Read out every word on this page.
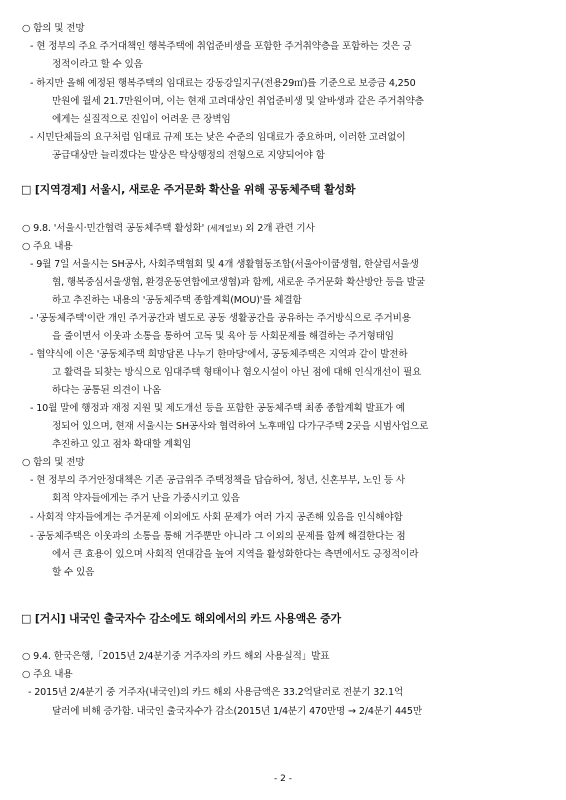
○ 함의 및 전망
- 현 정부의 주요 주거대책인 행복주택에 취업준비생을 포함한 주거취약층을 포함하는 것은 긍
정적이라고 할 수 있음
- 하지만 올해 예정된 행복주택의 임대료는 강동강일지구(전용29㎡)를 기준으로 보증금 4,250
만원에 월세 21.7만원이며, 이는 현재 고려대상인 취업준비생 및 알바생과 같은 주거취약층
에게는 실질적으로 진입이 어려운 큰 장벽임
- 시민단체들의 요구처럼 임대료 규제 또는 낮은 수준의 임대료가 중요하며, 이러한 고려없이
공급대상만 늘리겠다는 발상은 탁상행정의 전형으로 지양되어야 함
□ [지역경제] 서울시, 새로운 주거문화 확산을 위해 공동체주택 활성화
○ 9.8. '서울시·민간협력 공동체주택 활성화' (세계일보) 외 2개 관련 기사
○ 주요 내용
- 9월 7일 서울시는 SH공사, 사회주택협회 및 4개 생활협동조합(서울아이쿱생협, 한살림서울생
협, 행복중심서울생협, 환경운동연합에코생협)과 함께, 새로운 주거문화 확산방안 등을 발굴
하고 추진하는 내용의 '공동체주택 종합계획(MOU)'를 체결함
- '공동체주택'이란 개인 주거공간과 별도로 공동 생활공간을 공유하는 주거방식으로 주거비용
을 줄이면서 이웃과 소통을 통하여 고독 및 육아 등 사회문제를 해결하는 주거형태임
- 협약식에 이은 '공동체주택 희망담론 나누기 한마당'에서, 공동체주택은 지역과 같이 발전하
고 활력을 되찾는 방식으로 임대주택 형태이나 혐오시설이 아닌 점에 대해 인식개선이 필요
하다는 공통된 의견이 나옴
- 10월 말에 행정과 재정 지원 및 제도개선 등을 포함한 공동체주택 최종 종합계획 발표가 예
정되어 있으며, 현재 서울시는 SH공사와 협력하여 노후매입 다가구주택 2곳을 시범사업으로
추진하고 있고 점차 확대할 계획임
○ 함의 및 전망
- 현 정부의 주거안정대책은 기존 공급위주 주택정책을 답습하여, 청년, 신혼부부, 노인 등 사
회적 약자들에게는 주거 난을 가중시키고 있음
- 사회적 약자들에게는 주거문제 이외에도 사회 문제가 여러 가지 공존해 있음을 인식해야함
- 공동체주택은 이웃과의 소통을 통해 거주뿐만 아니라 그 이외의 문제를 함께 해결한다는 점
에서 큰 효용이 있으며 사회적 연대감을 높여 지역을 활성화한다는 측면에서도 긍정적이라
할 수 있음
□ [거시] 내국인 출국자수 감소에도 해외에서의 카드 사용액은 증가
○ 9.4. 한국은행,「2015년 2/4분기중 거주자의 카드 해외 사용실적」발표
○ 주요 내용
- 2015년 2/4분기 중 거주자(내국인)의 카드 해외 사용금액은 33.2억달러로 전분기 32.1억
달러에 비해 증가함. 내국인 출국자수가 감소(2015년 1/4분기 470만명 → 2/4분기 445만
- 2 -
